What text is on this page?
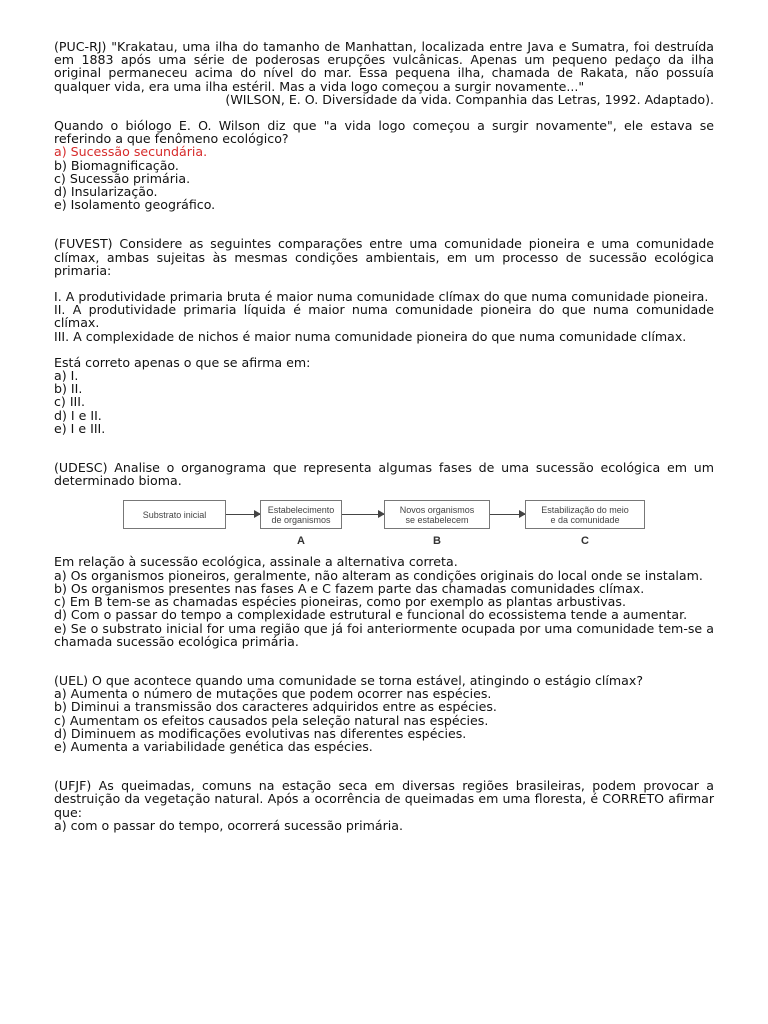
(PUC-RJ) "Krakatau, uma ilha do tamanho de Manhattan, localizada entre Java e Sumatra, foi destruída em 1883 após uma série de poderosas erupções vulcânicas. Apenas um pequeno pedaço da ilha original permaneceu acima do nível do mar. Essa pequena ilha, chamada de Rakata, não possuía qualquer vida, era uma ilha estéril. Mas a vida logo começou a surgir novamente..."

(WILSON, E. O. Diversidade da vida. Companhia das Letras, 1992. Adaptado).

Quando o biólogo E. O. Wilson diz que "a vida logo começou a surgir novamente", ele estava se referindo a que fenômeno ecológico?

a) Sucessão secundária.

b) Biomagnificação.

c) Sucessão primária.

d) Insularização.

e) Isolamento geográfico.

(FUVEST) Considere as seguintes comparações entre uma comunidade pioneira e uma comunidade clímax, ambas sujeitas às mesmas condições ambientais, em um processo de sucessão ecológica primaria:

I. A produtividade primaria bruta é maior numa comunidade clímax do que numa comunidade pioneira.

II. A produtividade primaria líquida é maior numa comunidade pioneira do que numa comunidade clímax.

III. A complexidade de nichos é maior numa comunidade pioneira do que numa comunidade clímax.

Está correto apenas o que se afirma em:

a) I.

b) II.

c) III.

d) I e II.

e) I e III.

(UDESC) Analise o organograma que representa algumas fases de uma sucessão ecológica em um determinado bioma.

Substrato inicial	Estabelecimento
de organismos
A
Novos organismos
se estabelecem
B
Estabilização do meio
e da comunidade
C

Em relação à sucessão ecológica, assinale a alternativa correta.

a) Os organismos pioneiros, geralmente, não alteram as condições originais do local onde se instalam.

b) Os organismos presentes nas fases A e C fazem parte das chamadas comunidades clímax.

c) Em B tem-se as chamadas espécies pioneiras, como por exemplo as plantas arbustivas.

d) Com o passar do tempo a complexidade estrutural e funcional do ecossistema tende a aumentar.

e) Se o substrato inicial for uma região que já foi anteriormente ocupada por uma comunidade tem-se a chamada sucessão ecológica primária.

(UEL) O que acontece quando uma comunidade se torna estável, atingindo o estágio clímax?

a) Aumenta o número de mutações que podem ocorrer nas espécies.

b) Diminui a transmissão dos caracteres adquiridos entre as espécies.

c) Aumentam os efeitos causados pela seleção natural nas espécies.

d) Diminuem as modificações evolutivas nas diferentes espécies.

e) Aumenta a variabilidade genética das espécies.

(UFJF) As queimadas, comuns na estação seca em diversas regiões brasileiras, podem provocar a destruição da vegetação natural. Após a ocorrência de queimadas em uma floresta, é CORRETO afirmar que:

a) com o passar do tempo, ocorrerá sucessão primária.
